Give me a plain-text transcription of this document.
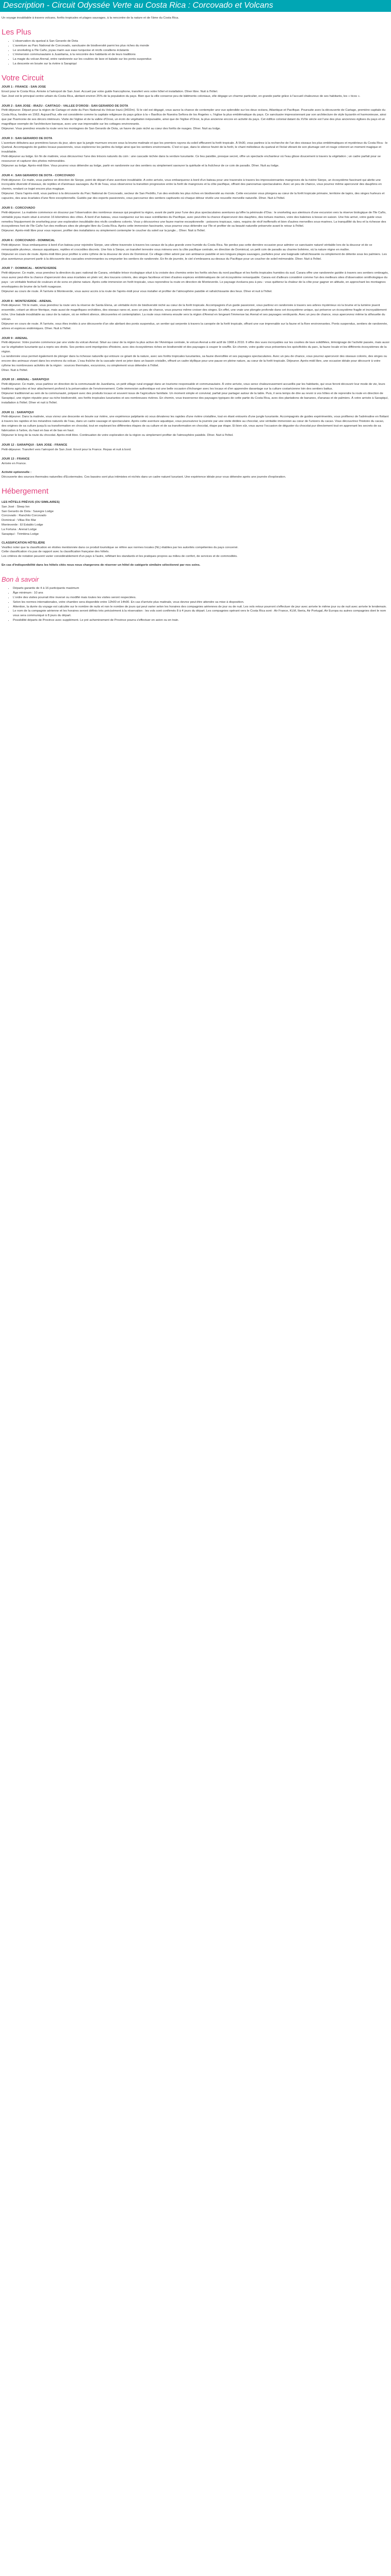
Description - Circuit Odyssée Verte au Costa Rica : Corcovado et Volcans

Un voyage inoubliable à travers volcans, forêts tropicales et plages sauvages, à la rencontre de la nature et de l'âme du Costa Rica.

Les Plus
• L'observation du quetzal à San Gerardo de Dota
• L'aventure au Parc National de Corcovado, sanctuaire de biodiversité parmi les plus riches du monde
• Le snorkeling à l'île Caño, joyau marin aux eaux turquoise et récifs coralliens éclatants
• L'immersion communautaire à Juanilama, à la rencontre des habitants et de leurs traditions
• La magie du volcan Arenal, entre randonnée sur les coulées de lave et balade sur les ponts suspendus
• La descente en bouée sur la rivière à Sarapiquí
Votre Circuit

JOUR 1 : FRANCE - SAN JOSE

Envol pour le Costa Rica. Arrivée à l'aéroport de San José. Accueil par votre guide francophone, transfert vers votre hôtel et installation. Dîner libre. Nuit à l'hôtel.

San José est le principal centre urbain du Costa Rica, abritant environ 25% de la population du pays. Bien que la ville conserve peu de bâtiments coloniaux, elle dégage un charme particulier, en grande partie grâce à l'accueil chaleureux de ses habitants, les « ticos ».

JOUR 2 : SAN JOSE - IRAZU - CARTAGO - VALLEE D'OROSI - SAN GERARDO DE DOTA

Petit-déjeuner. Départ pour la région de Cartago et visite du Parc National du Volcan Irazú (3432m). Si le ciel est dégagé, vous aurez la chance de contempler une vue splendide sur les deux océans, Atlantique et Pacifique. Poursuite avec la découverte de Cartago, première capitale du Costa Rica, fondée en 1563. Aujourd'hui, elle est considérée comme la capitale religieuse du pays grâce à la « Basílica de Nuestra Señora de los Ángeles », l'église la plus emblématique du pays. Ce sanctuaire impressionnant par son architecture de style byzantin et harmonieuse, ainsi que par l'harmonie de ses décors intérieurs. Visite de l'église et de la vallée d'Orosi, un écrin de végétation inépuisable, ainsi que de l'église d'Orosi, la plus ancienne encore en activité du pays. Cet édifice colonial datant du XVIIe siècle est l'une des plus anciennes églises du pays et un magnifique exemple de l'architecture baroque, avec une vue imprenable sur les cottages environnants.

Déjeuner. Vous prendrez ensuite la route vers les montagnes de San Gerardo de Dota, un havre de paix niché au cœur des forêts de nuages. Dîner. Nuit au lodge.

JOUR 3 : SAN GERARDO DE DOTA

L'aventure débutera aux premières lueurs du jour, alors que la jungle murmure encore sous la brume matinale et que les premiers rayons du soleil effleurent la forêt tropicale. À 5h30, vous partirez à la recherche de l'un des oiseaux les plus emblématiques et mystérieux du Costa Rica : le Quetzal. Accompagnés de guides locaux passionnés, vous explorerez les jardins du lodge ainsi que les sentiers environnants. C'est ici que, dans le silence feutré de la forêt, le chant mélodieux du quetzal et l'éclat vibrant de son plumage vert et rouge créeront un moment magique et inoubliable.

Petit-déjeuner au lodge. En fin de matinée, vous découvrirez l'une des trésors naturels du coin : une cascade nichée dans la verdure luxuriante. Ce lieu paisible, presque secret, offre un spectacle enchanteur où l'eau glisse doucement à travers la végétation ; un cadre parfait pour se ressourcer et capturer des photos mémorables.

Déjeuner au lodge. Après-midi libre. Vous pourrez vous détendre au lodge, partir en randonnée sur des sentiers ou simplement savourer la quiétude et la fraîcheur de ce coin de paradis. Dîner. Nuit au lodge.

JOUR 4 : SAN GERARDO DE DOTA - CORCOVADO

Petit-déjeuner. Ce matin, vous partirez en direction de Sierpe, point de départ d'une aventure inoubliable. A votre arrivée, vous embarquerez à bord d'un bateau pour une traversée à travers les impressionnantes mangroves de la rivière Sierpe, un écosystème fascinant qui abrite une incroyable diversité d'oiseaux, de reptiles et d'animaux sauvages. Au fil de l'eau, vous observerez la transition progressive entre la forêt de mangroves et la côte pacifique, offrant des panoramas spectaculaires. Avec un peu de chance, vous pourrez même apercevoir des dauphins en chemin, rendant ce trajet encore plus magique.

Déjeuner. Dans l'après-midi, vous partirez à la découverte du Parc National de Corcovado, secteur de San Pedrillo, l'un des endroits les plus riches en biodiversité au monde. Cette excursion vous plongera au cœur de la forêt tropicale primaire, territoire de tapirs, des singes hurleurs et capucins, des aras écarlates d'une flore exceptionnelle. Guidés par des experts passionnés, vous parcourrez des sentiers captivants où chaque détour révèle une nouvelle merveille naturelle. Dîner. Nuit à l'hôtel.

JOUR 5 : CORCOVADO

Petit-déjeuner. La matinée commence en douceur par l'observation des nombreux oiseaux qui peuplent la région, avant de partir pour l'une des plus spectaculaires aventures qu'offre la péninsule d'Osa : le snorkeling aux alentours d'une excursion vers la réserve biologique de l'île Caño, véritable joyau marin situé à environ 16 kilomètres des côtes. À bord d'un bateau, vous naviguerez sur les eaux scintillantes du Pacifique, avec peut-être la chance d'apercevoir des dauphins, des tortues marines, voire des baleines à bosse en saison. Une fois arrivé, votre guide vous remettra l'équipement de snorkeling pour une exploration inoubliable des récifs coralliens colorés. Vous y découvrirez une faune marine exceptionnelle : poissons tropicaux, raies, requins de récif inoffensifs et bien d'autres merveilles sous-marines. La tranquillité du lieu et la richesse des écosystèmes font de l'île Caño l'un des meilleurs sites de plongée libre du Costa Rica. Après cette immersion fascinante, vous pourrez vous détendre sur l'île et profiter de sa beauté naturelle préservée avant le retour à l'hôtel.

Déjeuner. Après-midi libre pour vous reposer, profiter des installations ou simplement contempler le coucher du soleil sur la jungle... Dîner. Nuit à l'hôtel.

JOUR 6 : CORCOVADO - DOMINICAL

Petit-déjeuner. Vous embarquerez à bord d'un bateau pour rejoindre Sierpe, une ultime traversée à travers les canaux de la plus grande zone humide du Costa Rica. Ne perdez pas cette dernière occasion pour admirer ce sanctuaire naturel véritable lors de la douceur et de ce remarquable pluvieux, oiseaux aquatiques, reptiles et crocodiles discrets. Une fois à Sierpe, un transfert terrestre vous mènera vers la côte pacifique centrale, en direction de Dominical, un petit coin de paradis au charme bohème, où la nature règne en maître.

Déjeuner en cours de route. Après-midi libre pour profiter à votre rythme de la douceur de vivre de Dominical. Ce village côtier adoré par son ambiance paisible et ses longues plages sauvages, parfaites pour une baignade rafraîchissante ou simplement de détente sous les palmiers. Les plus aventureux pourront partir à la découverte des cascades environnantes ou emprunter les sentiers de randonnée. En fin de journée, le ciel s'embrasera au-dessus du Pacifique pour un coucher de soleil mémorable. Dîner. Nuit à l'hôtel.

JOUR 7 : DOMINICAL - MONTEVERDE

Petit-déjeuner. Ce matin, vous prendrez la direction du parc national de Carara, véritable trésor écologique situé à la croisée des chemins entre les forêts sèches du nord pacifique et les forêts tropicales humides du sud. Carara offre une randonnée guidée à travers ses sentiers ombragés, vous aurez peut-être la chance d'apercevoir des aras écarlates en plein vol, des toucans colorés, des singes facétieux et bien d'autres espèces emblématiques de cet écosystème remarquable. Carara est d'ailleurs considéré comme l'un des meilleurs sites d'observation ornithologique du pays : un véritable festival de couleurs et de sons en pleine nature. Après cette immersion en forêt tropicale, vous reprendrez la route en direction de Monteverde. Le paysage évoluera peu à peu : vous quitterez la chaleur de la côte pour gagner en altitude, en approchant les montagnes enveloppées de brume de la forêt nuageuse.

Déjeuner au cours de route. À l'arrivée à Monteverde, vous aurez accès à la route de l'après-midi pour vous installer et profiter de l'atmosphère paisible et rafraîchissante des lieux. Dîner et nuit à l'hôtel.

JOUR 8 : MONTEVERDE - ARENAL

Petit-déjeuner. Tôt le matin, vous prendrez la route vers la réserve de Santa Elena, un véritable écrin de biodiversité niché au cœur de la forêt tropicale. Accompagnés d'un guide passionné, vous partirez en randonnée à travers ses arbres mystérieux où la brume et la lumière jouent ensemble, créant un décor féerique, mais aussi de magnifiques orchidées, des oiseaux rares et, avec un peu de chance, vous pourrez même croiser des singes. En effet, une vraie une plongée profonde dans cet écosystème unique, qui préserve un écosystème fragile et incroyablement riche. Une balade inoubliable au cœur de la nature, où se mêlent silence, découvertes et contemplation. La route vous mènera ensuite vers la région d'Arenal en longeant l'immense lac Arenal et ses paysages verdoyants. Avec un peu de chance, vous apercevrez même la silhouette du volcan.

Déjeuner en cours de route. À l'arrivée, vous êtes invités à une découverte d'un site abritant des ponts suspendus, un sentier qui serpente à travers la canopée de la forêt tropicale, offrant une vue imprenable sur la faune et la flore environnantes. Ponts suspendus, sentiers de randonnée, arbres et espèces endémiques. Dîner. Nuit à l'hôtel.

JOUR 9 : ARENAL

Petit-déjeuner. Votre journée commence par une visite du volcan Arenal. Situé au cœur de la région la plus active de l'Amérique centrale, le volcan Arenal a été actif de 1968 à 2010. Il offre des vues incroyables sur les coulées de lave solidifiées, témoignage de l'activité passée, mais aussi sur la végétation luxuriante qui a repris ses droits. Ses pentes sont imprégnées d'histoire, avec des écosystèmes riches en biodiversité et des paysages à couper le souffle. En chemin, votre guide vous présentera les spécificités du parc, la faune locale et les différents écosystèmes de la région.

La randonnée vous permet également de plonger dans la richesse naturelle qui entoure ce géant de la nature, avec ses forêts tropicales luxuriantes, sa faune diversifiée et ses paysages spectaculaires. Avec un peu de chance, vous pourrez apercevoir des oiseaux colorés, des singes ou encore des animaux vivant dans les environs du volcan. L'eau fraîche de la cascade vient se jeter dans un bassin cristallin, offrant un cadre idyllique pour une pause en pleine nature, au cœur de la forêt tropicale. Déjeuner. Après-midi libre, une occasion idéale pour découvrir à votre rythme les nombreuses activités de la région : sources thermales, excursions, ou simplement vous détendre à l'hôtel.

Dîner. Nuit à l'hôtel.

JOUR 10 : ARENAL - SARAPIQUI

Petit-déjeuner. Ce matin, vous partirez en direction de la communauté de Juanilama, un petit village rural engagé dans un tourisme responsable et communautaire. À votre arrivée, vous serez chaleureusement accueillis par les habitants, qui vous feront découvrir leur mode de vie, leurs traditions agricoles et leur attachement profond à la préservation de l'environnement. Cette immersion authentique est une belle occasion d'échanger avec les locaux et d'en apprendre davantage sur la culture costaricienne loin des sentiers battus.

Déjeuner traditionnel au sein de la communauté, préparé avec des produits locaux et souvent issus de l'agriculture familiale. Un moment simple et convivial, parfait pour partager autour de la table. Puis, il sera temps de dire au revoir à vos hôtes et de reprendre la route en direction de Sarapiquí, une région réputée pour sa riche biodiversité, ses forêts tropicales luxuriantes et ses nombreuses rivières. En chemin, vous traverserez des paysages typiques de cette partie du Costa Rica, avec des plantations de bananes, d'ananas et de palmiers. À votre arrivée à Sarapiquí, installation à l'hôtel. Dîner et nuit à l'hôtel.

JOUR 11 : SARAPIQUI

Petit-déjeuner. Dans la matinée, vous vivrez une descente en bouée sur rivière, une expérience palpitante où vous dévalerez les rapides d'une rivière cristalline, tout en étant entourés d'une jungle luxuriante. Accompagnés de guides expérimentés, vous profiterez de l'adrénaline en flottant à travers les rapides et les méandres naturels de l'eau, dans un cadre sauvage et spectaculaire. Après cette aventure aquatique, vous poursuivrez la journée par une visite dédiée au chocolat, une véritable immersion au cœur de l'univers du cacao. Vous découvrirez l'histoire du cacao, des origines de sa culture jusqu'à sa transformation en chocolat, tout en explorant les différentes étapes de sa culture et de sa transformation en chocolat, étape par étape. Et bien sûr, vous aurez l'occasion de déguster du chocolat pur directement tout en apprenant les secrets de sa fabrication à l'arbre, du haut en bas et de bas en haut.

Déjeuner le long de la route du chocolat. Après-midi libre. Continuation de votre exploration de la région ou simplement profiter de l'atmosphère paisible. Dîner. Nuit à l'hôtel.

JOUR 12 : SARAPIQUI - SAN JOSE - FRANCE

Petit-déjeuner. Transfert vers l'aéroport de San José. Envol pour la France. Repas et nuit à bord.

JOUR 13 : FRANCE

Arrivée en France.

Activité optionnelle :

Découverte des sources thermales naturelles d'Ecotermales. Ces bassins sont plus intimistes et nichés dans un cadre naturel luxuriant. Une expérience idéale pour vous détendre après une journée d'exploration.

Hébergement

LES HÔTELS PRÉVUS (OU SIMILAIRES)

San José : Sleep Inn

San Gerardo de Dota : Savegre Lodge

Corcovado : Ranchito Corcovado

Dominical : Villas Rio Mar

Monteverde : El Establo Lodge

La Fortuna : Arenal Lodge

Sarapiquí : Tirimbina Lodge

CLASSIFICATION HÔTELIÈRE

Veuillez noter que la classification en étoiles mentionnée dans ce produit touristique se réfère aux normes locales (NL) établies par les autorités compétentes du pays concerné.

Cette classification n'a pas de rapport avec la classification française des hôtels.

Les critères de notation peuvent varier considérablement d'un pays à l'autre, reflétant les standards et les pratiques propres au milieu de confort, de services et de commodités.

En cas d'indisponibilité dans les hôtels cités nous nous chargerons de réserver un hôtel de catégorie similaire sélectionné par nos soins.

Bon à savoir
• Départs garantis de 4 à 16 participants maximum
• Âge minimum : 10 ans
• L'ordre des visites pourrait être inversé ou modifié mais toutes les visites seront respectées.
• Selon les normes internationales, votre chambre sera disponible entre 12h00 et 14h00. En cas d'arrivée plus matinale, vous devrez peut-être attendre sa mise à disposition.
• Attention, la durée du voyage est calculée sur le nombre de nuits et non le nombre de jours qui peut varier selon les horaires des compagnies aériennes de jour ou de nuit. Les vols retour pourront s'effectuer de jour avec arrivée le même jour ou de nuit avec arrivée le lendemain.
• Le nom de la compagnie aérienne et les horaires seront définis très précisément à la réservation : les vols sont confirmés 8 à 4 jours du départ. Les compagnies opérant vers le Costa Rica sont : Air France, KLM, Iberia, Air Portugal, Air Europa ou autres compagnies dont le nom vous sera communiqué à 8 jours du départ.
• Possibilité départs de Province avec supplément. Le pré acheminement de Province pourra s'effectuer en avion ou en train.
